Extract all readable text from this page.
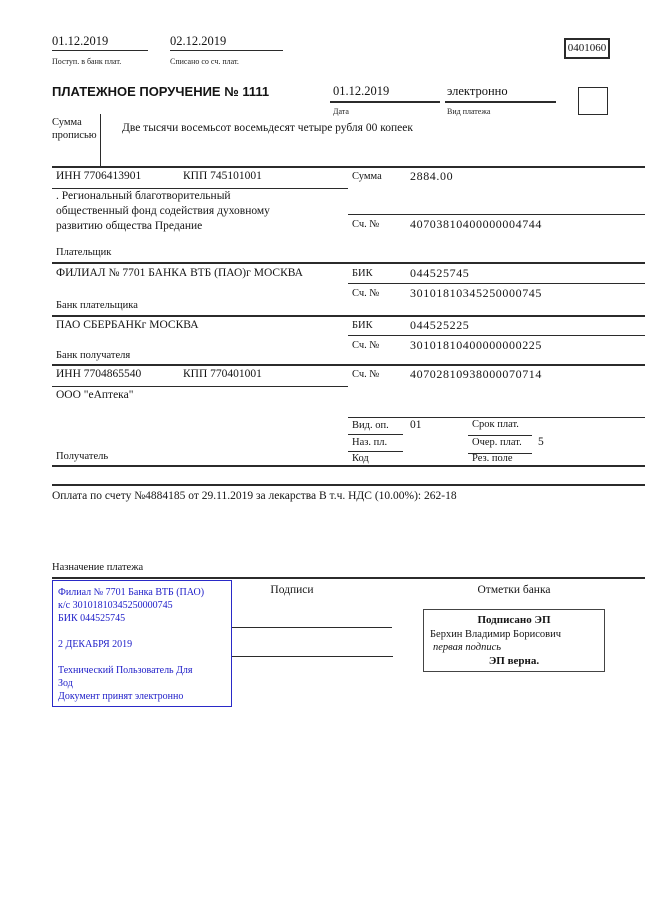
01.12.2019
Поступ. в банк плат.
02.12.2019
Списано со сч. плат.
0401060
ПЛАТЕЖНОЕ ПОРУЧЕНИЕ № 1111	01.12.2019
Дата
электронно
Вид платежа
Сумма прописью
Две тысячи восемьсот восемьдесят четыре рубля 00 копеек
ИНН 7706413901	КПП 745101001	Сумма 2884.00
. Региональный благотворительный
общественный фонд содействия духовному
развитию общества Предание	Сч. №	40703810400000004744
Плательщик
ФИЛИАЛ № 7701 БАНКА ВТБ (ПАО)г МОСКВА	БИК	044525745
Сч. №	30101810345250000745
Банк плательщика
ПАО СБЕРБАНКг МОСКВА	БИК	044525225
Сч. №	30101810400000000225
Банк получателя
ИНН 7704865540	КПП 770401001	Сч. №	40702810938000070714
ООО "еАптека"
Получатель
Вид. оп. 01	Срок плат.
Наз. пл.	Очер. плат. 5
Код	Рез. поле
Оплата по счету №4884185 от 29.11.2019 за лекарства В т.ч. НДС (10.00%): 262-18
Назначение платежа
Подписи	Отметки банка
Филиал № 7701 Банка ВТБ (ПАО)
к/с 30101810345250000745
БИК 044525745
2 ДЕКАБРЯ 2019
Технический Пользователь Для
Зод
Документ принят электронно
Подписано ЭП
Берхин Владимир Борисович
первая подпись
ЭП верна.
